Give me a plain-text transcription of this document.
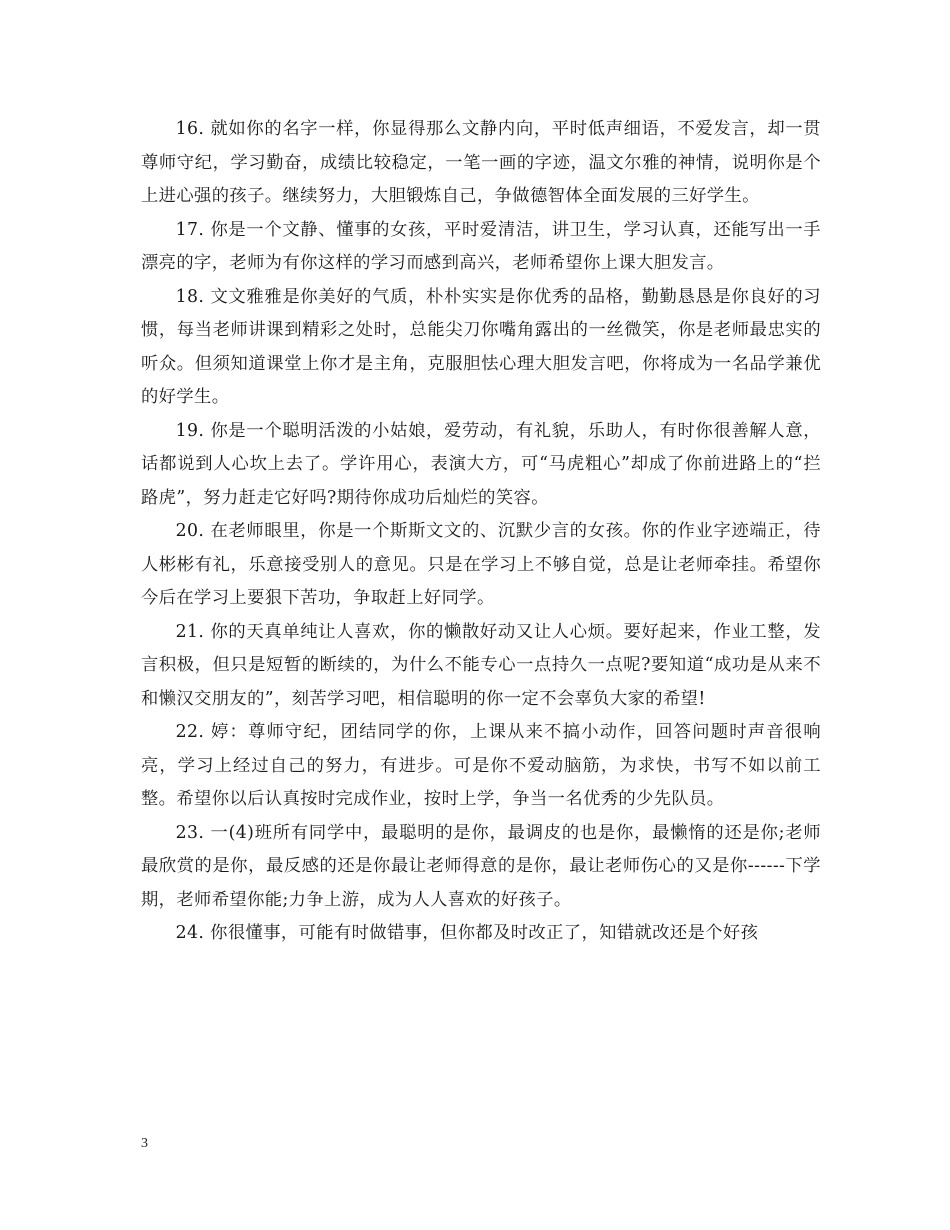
16. 就如你的名字一样，你显得那么文静内向，平时低声细语，不爱发言，却一贯尊师守纪，学习勤奋，成绩比较稳定，一笔一画的字迹，温文尔雅的神情，说明你是个上进心强的孩子。继续努力，大胆锻炼自己，争做德智体全面发展的三好学生。

17. 你是一个文静、懂事的女孩，平时爱清洁，讲卫生，学习认真，还能写出一手漂亮的字，老师为有你这样的学习而感到高兴，老师希望你上课大胆发言。

18. 文文雅雅是你美好的气质，朴朴实实是你优秀的品格，勤勤恳恳是你良好的习惯，每当老师讲课到精彩之处时，总能尖刀你嘴角露出的一丝微笑，你是老师最忠实的听众。但须知道课堂上你才是主角，克服胆怯心理大胆发言吧，你将成为一名品学兼优的好学生。

19. 你是一个聪明活泼的小姑娘，爱劳动，有礼貌，乐助人，有时你很善解人意，话都说到人心坎上去了。学许用心，表演大方，可“马虎粗心”却成了你前进路上的“拦路虎”，努力赶走它好吗?期待你成功后灿烂的笑容。

20. 在老师眼里，你是一个斯斯文文的、沉默少言的女孩。你的作业字迹端正，待人彬彬有礼，乐意接受别人的意见。只是在学习上不够自觉，总是让老师牵挂。希望你今后在学习上要狠下苦功，争取赶上好同学。

21. 你的天真单纯让人喜欢，你的懒散好动又让人心烦。要好起来，作业工整，发言积极，但只是短暂的断续的，为什么不能专心一点持久一点呢?要知道“成功是从来不和懒汉交朋友的”，刻苦学习吧，相信聪明的你一定不会辜负大家的希望!

22. 婷：尊师守纪，团结同学的你，上课从来不搞小动作，回答问题时声音很响亮，学习上经过自己的努力，有进步。可是你不爱动脑筋，为求快，书写不如以前工整。希望你以后认真按时完成作业，按时上学，争当一名优秀的少先队员。

23. 一(4)班所有同学中，最聪明的是你，最调皮的也是你，最懒惰的还是你;老师最欣赏的是你，最反感的还是你最让老师得意的是你，最让老师伤心的又是你------下学期，老师希望你能;力争上游，成为人人喜欢的好孩子。

24. 你很懂事，可能有时做错事，但你都及时改正了，知错就改还是个好孩

3
